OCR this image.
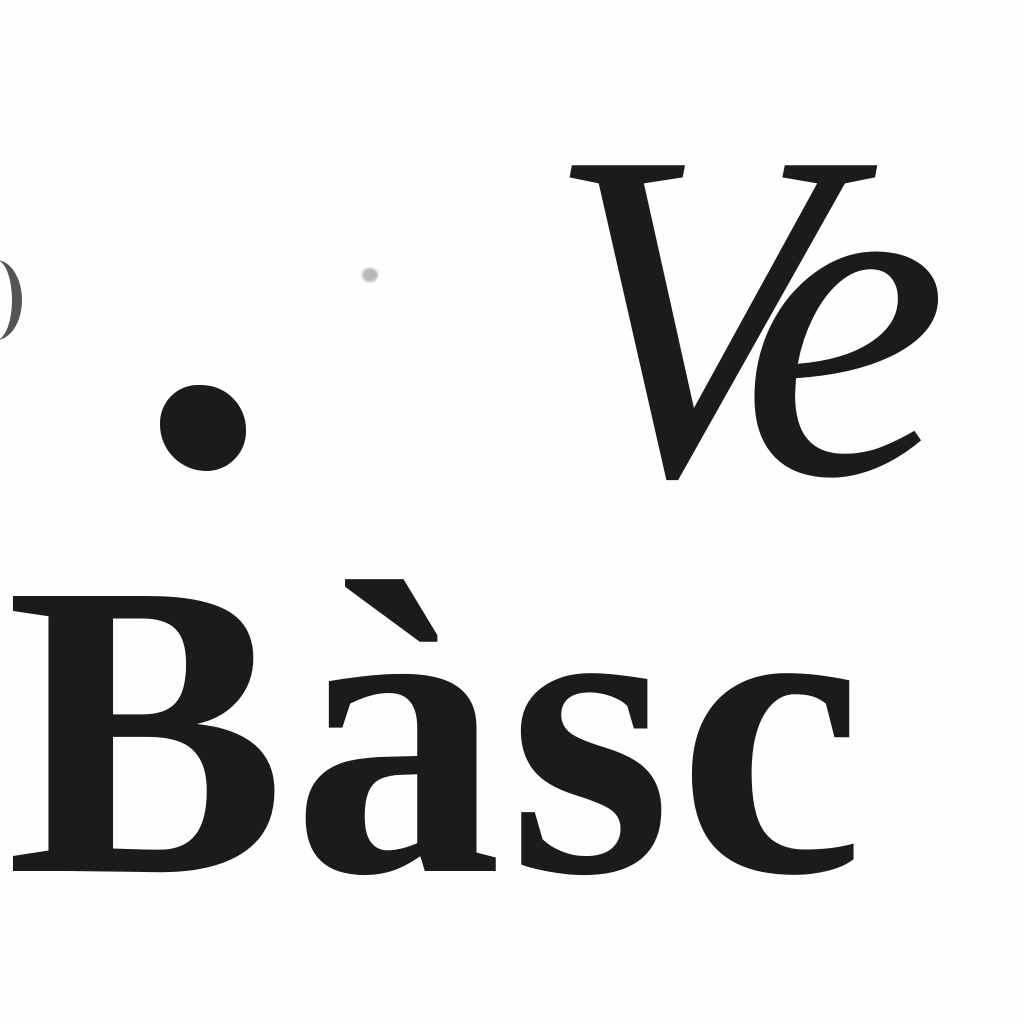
Ve
Bàsc
